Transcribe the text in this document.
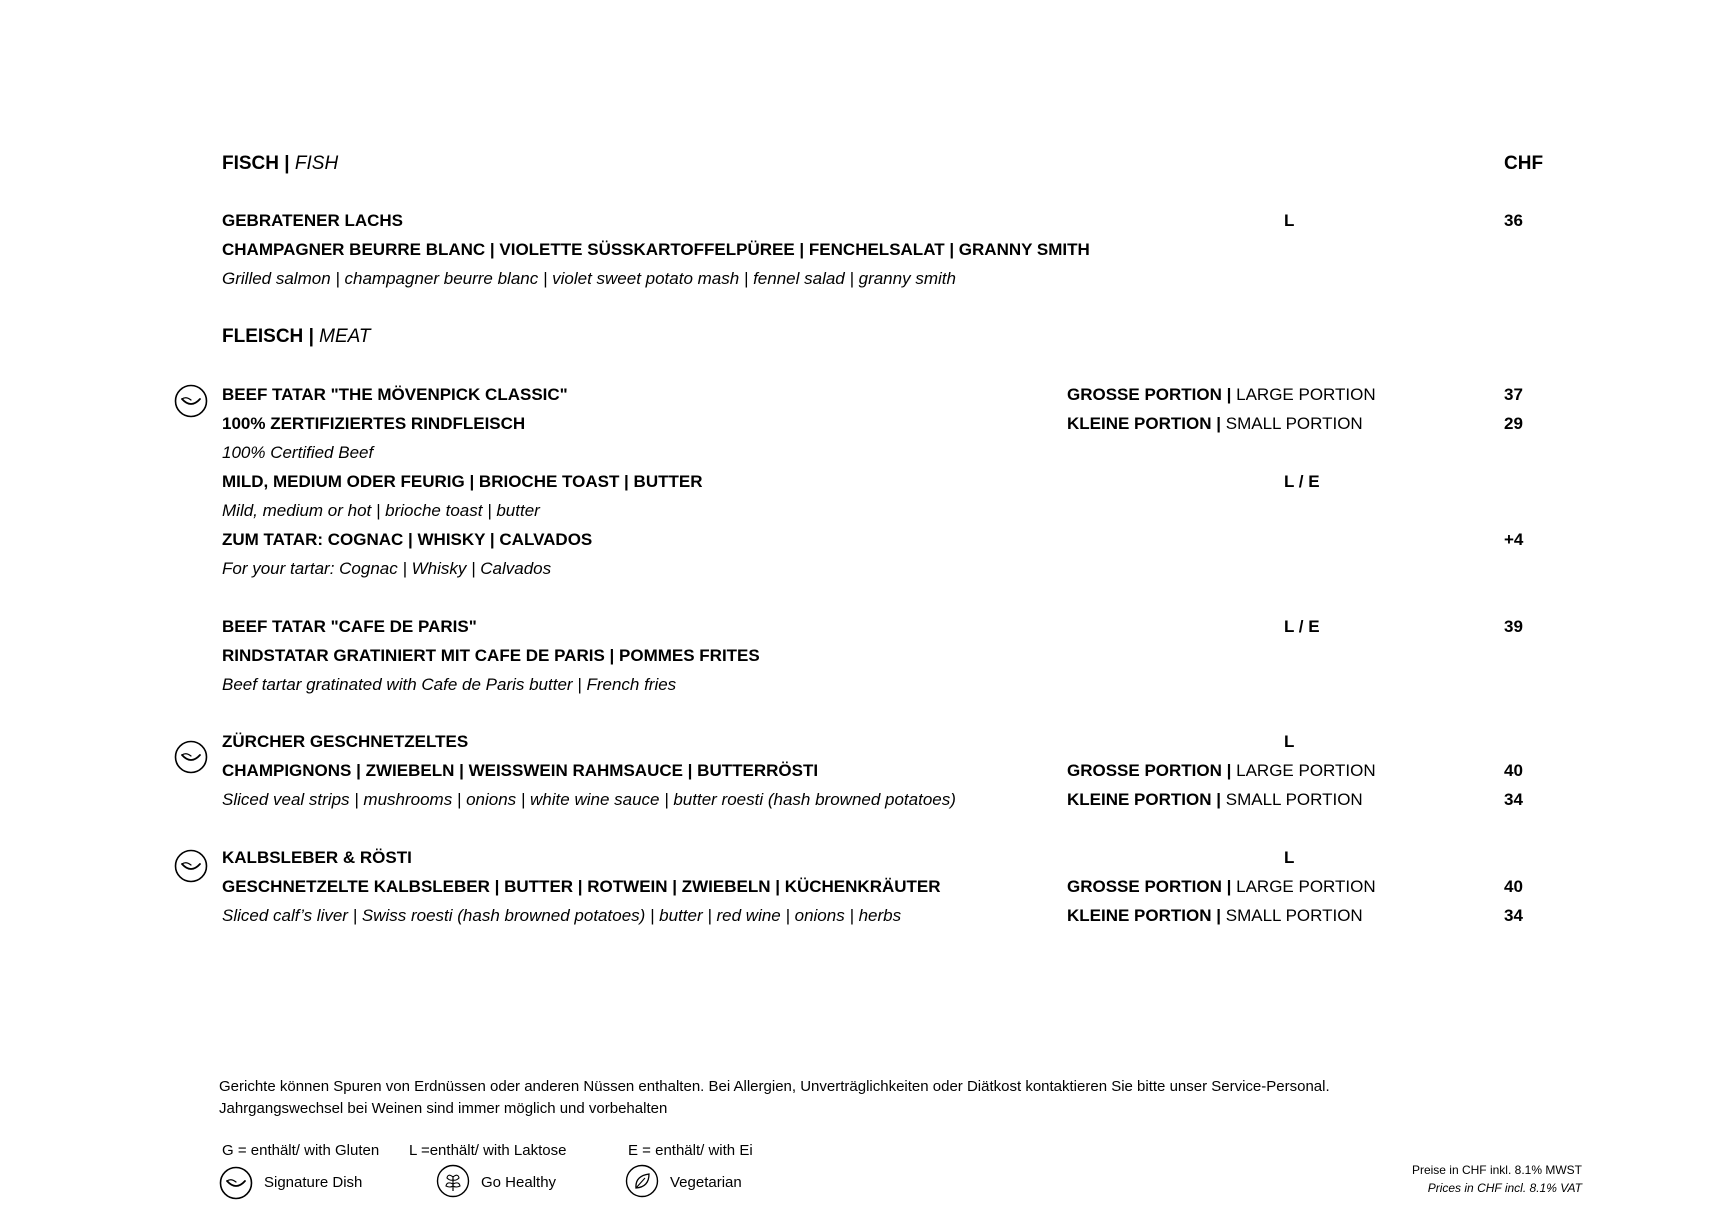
FISCH | FISH	CHF
GEBRATENER LACHS	L	36
CHAMPAGNER BEURRE BLANC | VIOLETTE SÜSSKARTOFFELPÜREE | FENCHELSALAT | GRANNY SMITH
Grilled salmon | champagner beurre blanc | violet sweet potato mash | fennel salad | granny smith
FLEISCH | MEAT
BEEF TATAR "THE MÖVENPICK CLASSIC"	GROSSE PORTION | LARGE PORTION	37
100% ZERTIFIZIERTES RINDFLEISCH	KLEINE PORTION | SMALL PORTION	29
100% Certified Beef
MILD, MEDIUM ODER FEURIG | BRIOCHE TOAST | BUTTER	L / E
Mild, medium or hot | brioche toast | butter
ZUM TATAR: COGNAC | WHISKY | CALVADOS	+4
For your tartar: Cognac | Whisky | Calvados
BEEF TATAR "CAFE DE PARIS"	L / E	39
RINDSTATAR GRATINIERT MIT CAFE DE PARIS | POMMES FRITES
Beef tartar gratinated with Cafe de Paris butter | French fries
ZÜRCHER GESCHNETZELTES	L
CHAMPIGNONS | ZWIEBELN | WEISSWEIN RAHMSAUCE | BUTTERRÖSTI	GROSSE PORTION | LARGE PORTION	40
Sliced veal strips | mushrooms | onions | white wine sauce | butter roesti (hash browned potatoes)	KLEINE PORTION | SMALL PORTION	34
KALBSLEBER & RÖSTI	L
GESCHNETZELTE KALBSLEBER | BUTTER | ROTWEIN | ZWIEBELN | KÜCHENKRÄUTER	GROSSE PORTION | LARGE PORTION	40
Sliced calf’s liver | Swiss roesti (hash browned potatoes) | butter | red wine | onions | herbs	KLEINE PORTION | SMALL PORTION	34
Gerichte können Spuren von Erdnüssen oder anderen Nüssen enthalten. Bei Allergien, Unverträglichkeiten oder Diätkost kontaktieren Sie bitte unser Service-Personal.
Jahrgangswechsel bei Weinen sind immer möglich und vorbehalten
G = enthält/ with Gluten L =enthält/ with Laktose	E = enthält/ with Ei
Signature Dish	Go Healthy	Vegetarian
Preise in CHF inkl. 8.1% MWST
Prices in CHF incl. 8.1% VAT
